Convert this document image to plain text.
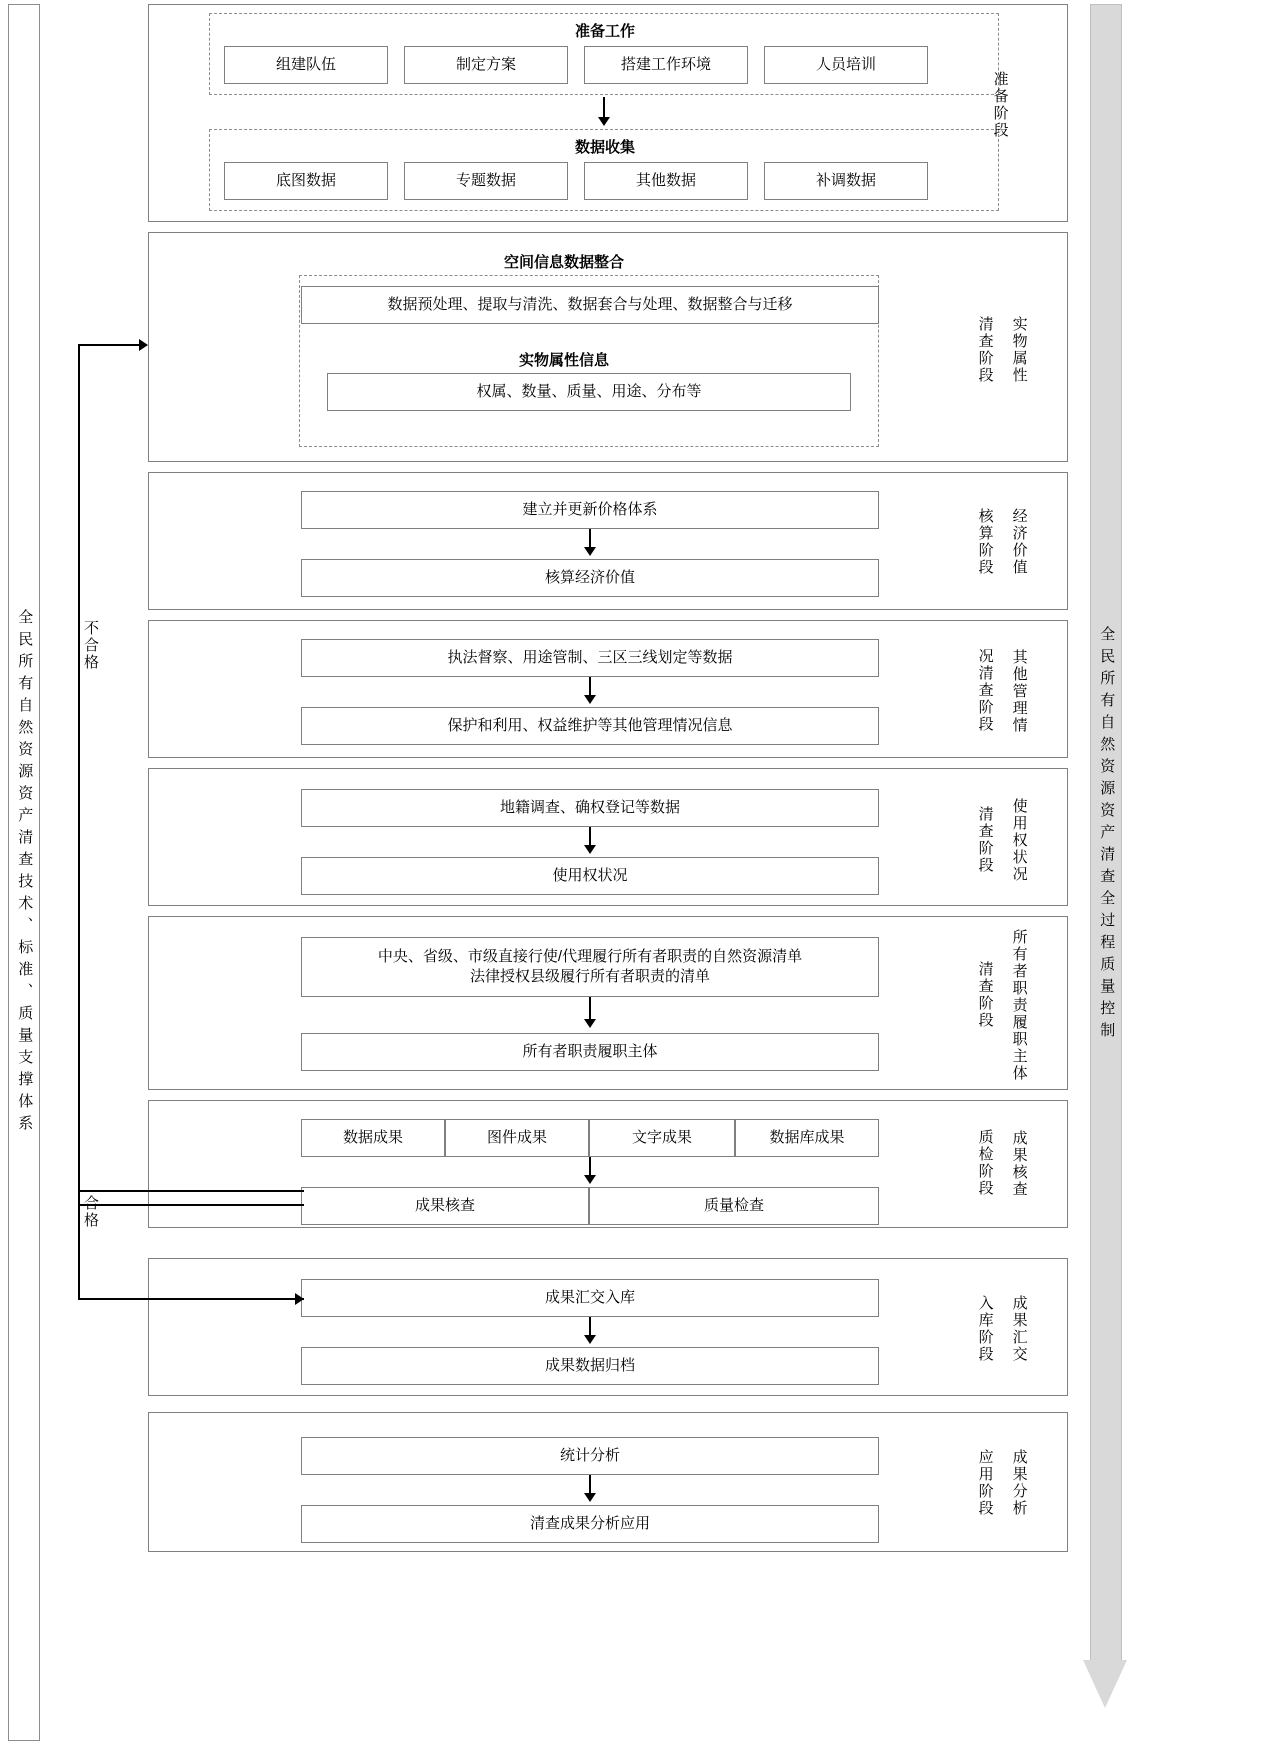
全民所有自然资源资产清查技术、标准、质量支撑体系	全民所有自然资源资产清查全过程质量控制
准备工作
组建队伍	制定方案	搭建工作环境	人员培训
数据收集
底图数据	专题数据	其他数据	补调数据
准备阶段
空间信息数据整合
数据预处理、提取与清洗、数据套合与处理、数据整合与迁移
实物属性信息
权属、数量、质量、用途、分布等
清查阶段	实物属性
建立并更新价格体系
核算经济价值
核算阶段	经济价值
执法督察、用途管制、三区三线划定等数据
保护和利用、权益维护等其他管理情况信息	况清查阶段	其他管理情
地籍调查、确权登记等数据
使用权状况
清查阶段	使用权状况
中央、省级、市级直接行使/代理履行所有者职责的自然资源清单
法律授权县级履行所有者职责的清单
所有者职责履职主体
清查阶段	所有者职责履职主体
数据成果	图件成果	文字成果	数据库成果
成果核查	质量检查
质检阶段	成果核查
成果汇交入库
成果数据归档
入库阶段	成果汇交
统计分析
清查成果分析应用
应用阶段	成果分析
不合格
合格
